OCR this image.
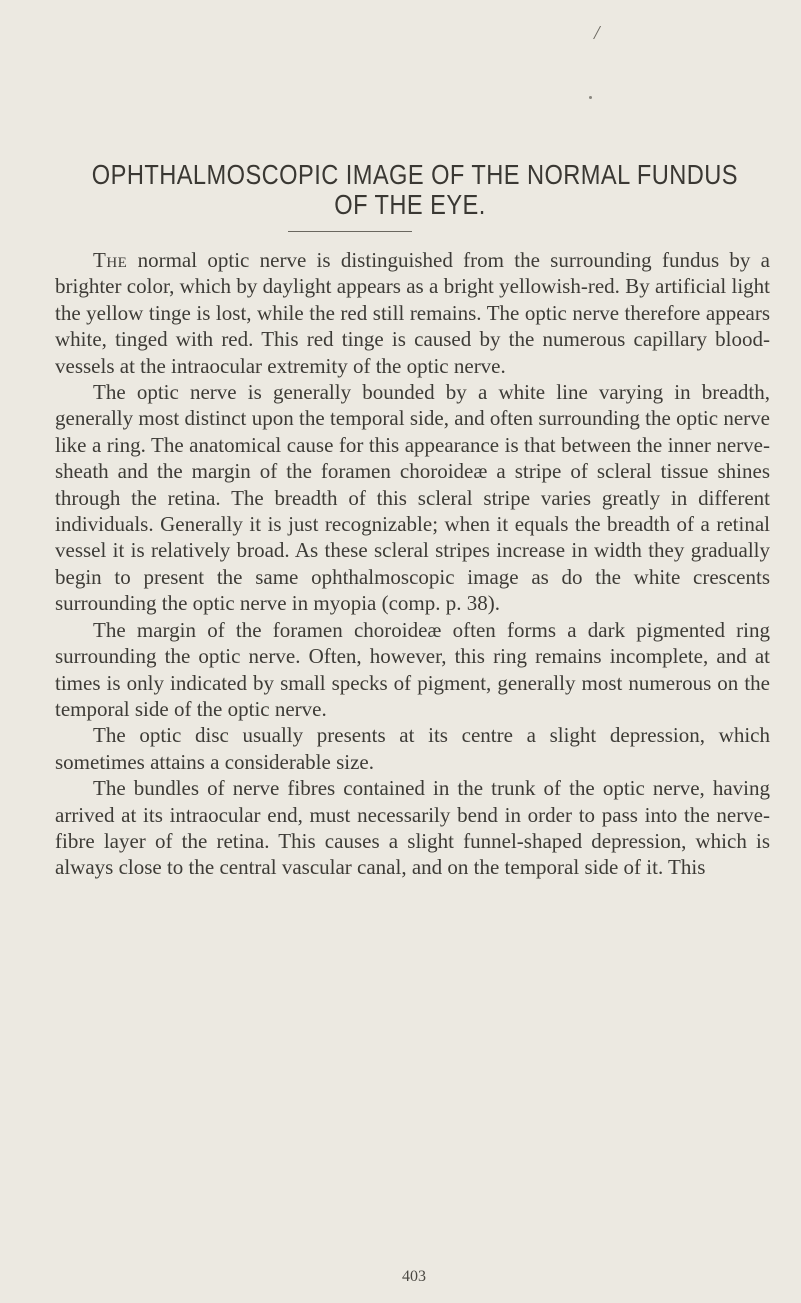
/
OPHTHALMOSCOPIC IMAGE OF THE NORMAL FUNDUS
OF THE EYE.

The normal optic nerve is distinguished from the surrounding fundus by a brighter color, which by daylight appears as a bright yellowish-red. By artificial light the yellow tinge is lost, while the red still remains. The optic nerve therefore appears white, tinged with red. This red tinge is caused by the numerous capillary blood-vessels at the intraocular extremity of the optic nerve.

The optic nerve is generally bounded by a white line varying in breadth, generally most distinct upon the temporal side, and often surrounding the optic nerve like a ring. The anatomical cause for this appearance is that between the inner nerve-sheath and the margin of the foramen choroideæ a stripe of scleral tissue shines through the retina. The breadth of this scleral stripe varies greatly in different individuals. Generally it is just recognizable; when it equals the breadth of a retinal vessel it is relatively broad. As these scleral stripes increase in width they gradually begin to present the same ophthalmoscopic image as do the white crescents surrounding the optic nerve in myopia (comp. p. 38).

The margin of the foramen choroideæ often forms a dark pigmented ring surrounding the optic nerve. Often, however, this ring remains incomplete, and at times is only indicated by small specks of pigment, generally most numerous on the temporal side of the optic nerve.

The optic disc usually presents at its centre a slight depression, which sometimes attains a considerable size.

The bundles of nerve fibres contained in the trunk of the optic nerve, having arrived at its intraocular end, must necessarily bend in order to pass into the nerve-fibre layer of the retina. This causes a slight funnel-shaped depression, which is always close to the central vascular canal, and on the temporal side of it. This

403
